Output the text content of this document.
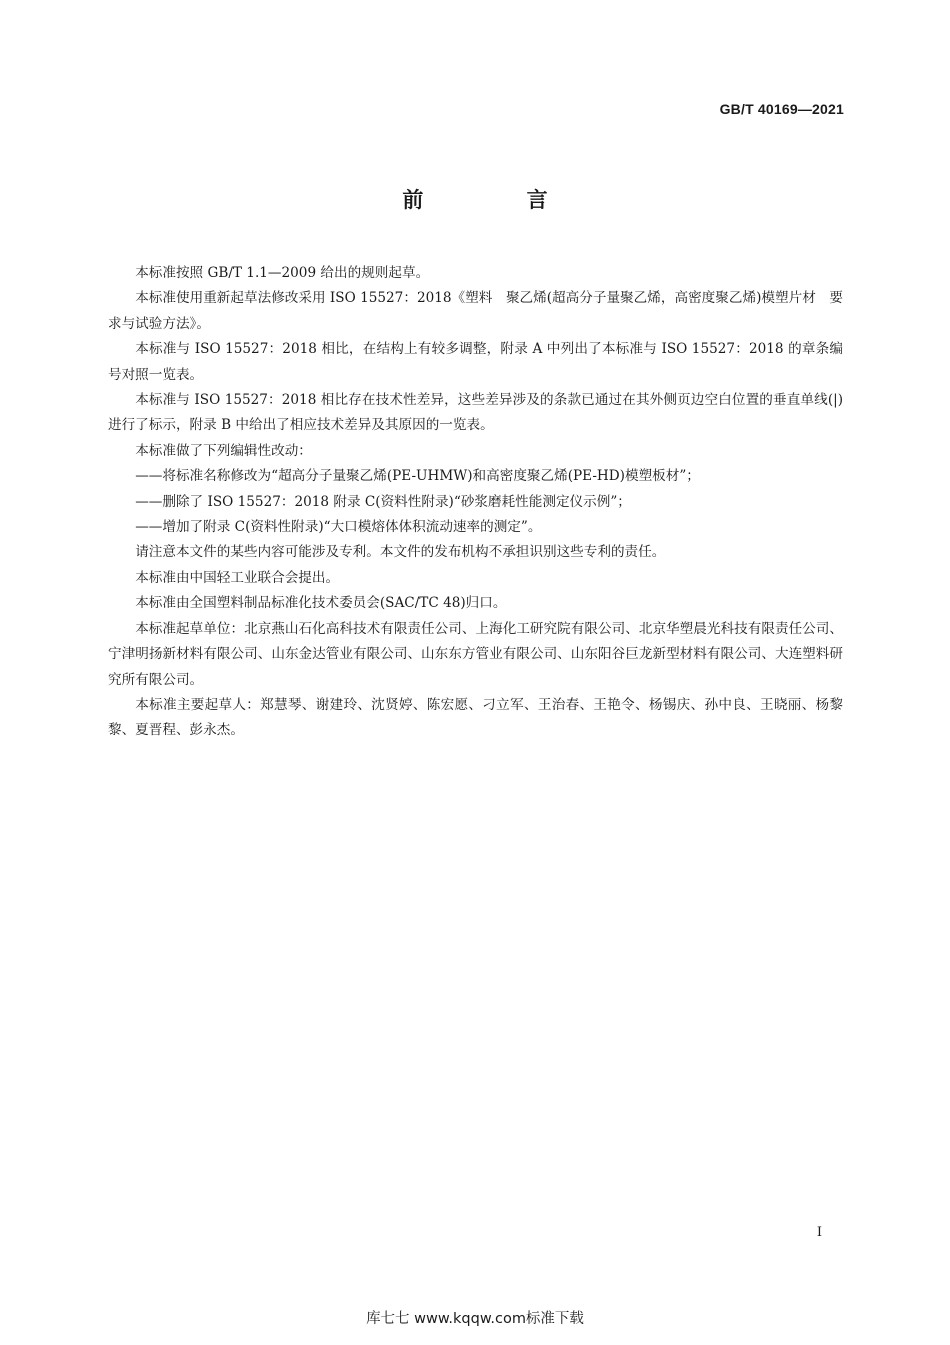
GB/T 40169—2021
前 言

本标准按照 GB/T 1.1—2009 给出的规则起草。

本标准使用重新起草法修改采用 ISO 15527：2018《塑料　聚乙烯(超高分子量聚乙烯，高密度聚乙烯)模塑片材　要求与试验方法》。

本标准与 ISO 15527：2018 相比，在结构上有较多调整，附录 A 中列出了本标准与 ISO 15527：2018 的章条编号对照一览表。

本标准与 ISO 15527：2018 相比存在技术性差异，这些差异涉及的条款已通过在其外侧页边空白位置的垂直单线(|)进行了标示，附录 B 中给出了相应技术差异及其原因的一览表。

本标准做了下列编辑性改动：

——将标准名称修改为“超高分子量聚乙烯(PE-UHMW)和高密度聚乙烯(PE-HD)模塑板材”；

——删除了 ISO 15527：2018 附录 C(资料性附录)“砂浆磨耗性能测定仪示例”；

——增加了附录 C(资料性附录)“大口模熔体体积流动速率的测定”。

请注意本文件的某些内容可能涉及专利。本文件的发布机构不承担识别这些专利的责任。

本标准由中国轻工业联合会提出。

本标准由全国塑料制品标准化技术委员会(SAC/TC 48)归口。

本标准起草单位：北京燕山石化高科技术有限责任公司、上海化工研究院有限公司、北京华塑晨光科技有限责任公司、宁津明扬新材料有限公司、山东金达管业有限公司、山东东方管业有限公司、山东阳谷巨龙新型材料有限公司、大连塑料研究所有限公司。

本标准主要起草人：郑慧琴、谢建玲、沈贤婷、陈宏愿、刁立军、王治春、王艳令、杨锡庆、孙中良、王晓丽、杨黎黎、夏晋程、彭永杰。

I
库七七 www.kqqw.com标准下载
